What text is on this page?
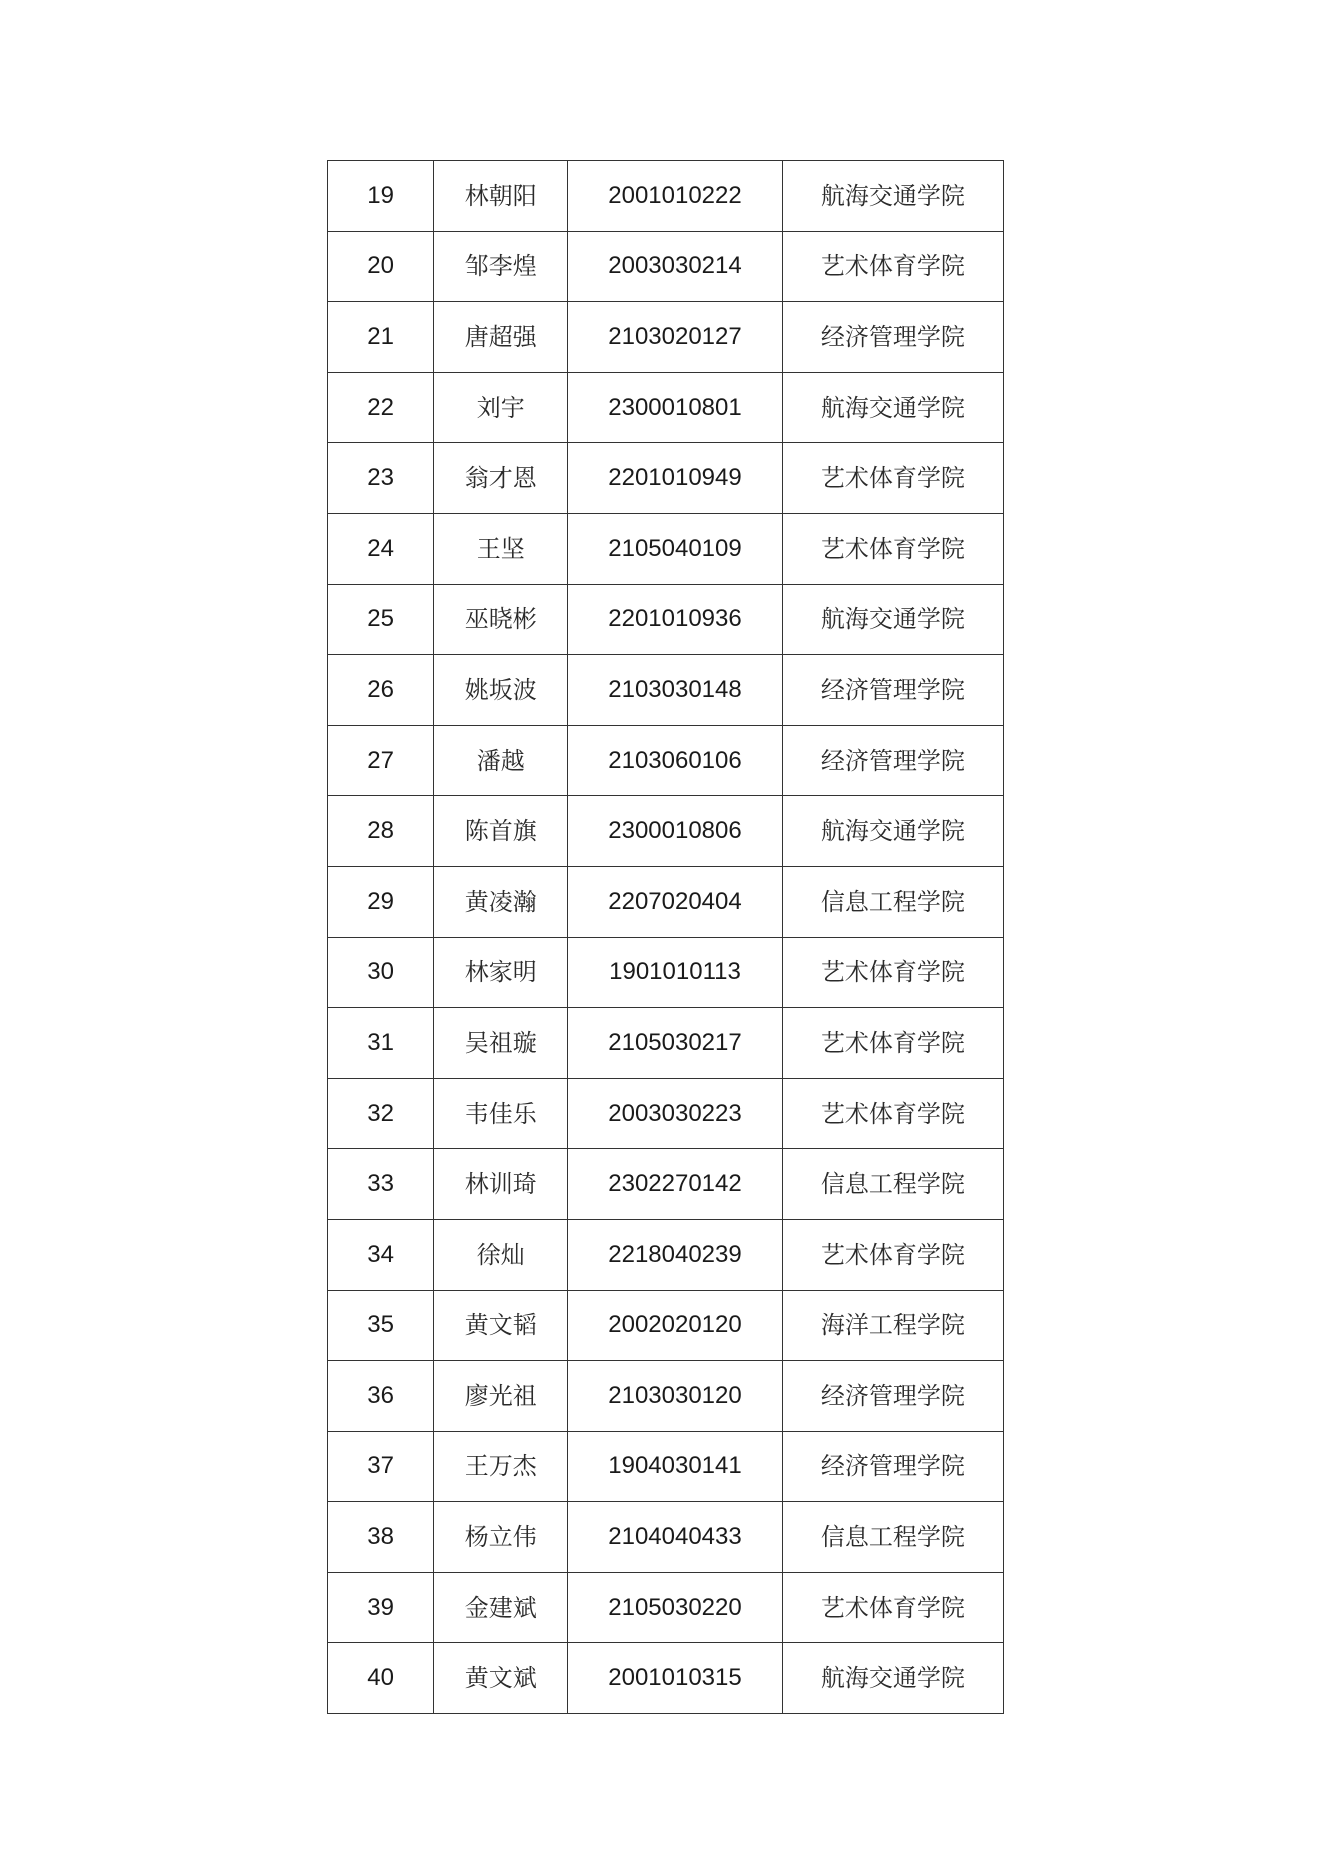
19	林朝阳	2001010222	航海交通学院
20	邹李煌	2003030214	艺术体育学院
21	唐超强	2103020127	经济管理学院
22	刘宇	2300010801	航海交通学院
23	翁才恩	2201010949	艺术体育学院
24	王坚	2105040109	艺术体育学院
25	巫晓彬	2201010936	航海交通学院
26	姚坂波	2103030148	经济管理学院
27	潘越	2103060106	经济管理学院
28	陈首旗	2300010806	航海交通学院
29	黄凌瀚	2207020404	信息工程学院
30	林家明	1901010113	艺术体育学院
31	吴祖璇	2105030217	艺术体育学院
32	韦佳乐	2003030223	艺术体育学院
33	林训琦	2302270142	信息工程学院
34	徐灿	2218040239	艺术体育学院
35	黄文韬	2002020120	海洋工程学院
36	廖光祖	2103030120	经济管理学院
37	王万杰	1904030141	经济管理学院
38	杨立伟	2104040433	信息工程学院
39	金建斌	2105030220	艺术体育学院
40	黄文斌	2001010315	航海交通学院
